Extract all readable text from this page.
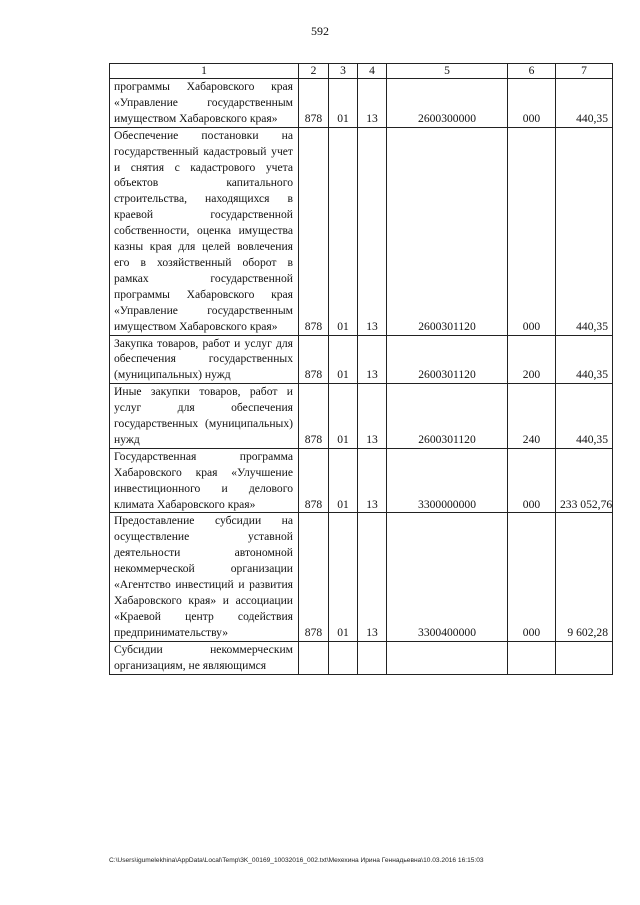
592
1	2	3	4	5	6	7
программы Хабаровского края «Управление государственным имуществом Хабаровского края»	878	01	13	2600300000	000	440,35
Обеспечение постановки на государственный кадастровый учет и снятия с кадастрового учета объектов капитального строительства, находящихся в краевой государственной собственности, оценка имущества казны края для целей вовлечения его в хозяйственный оборот в рамках государственной программы Хабаровского края «Управление государственным имуществом Хабаровского края»	878	01	13	2600301120	000	440,35
Закупка товаров, работ и услуг для обеспечения государственных (муниципальных) нужд	878	01	13	2600301120	200	440,35
Иные закупки товаров, работ и услуг для обеспечения государственных (муниципальных) нужд	878	01	13	2600301120	240	440,35
Государственная программа Хабаровского края «Улучшение инвестиционного и делового климата Хабаровского края»	878	01	13	3300000000	000	233 052,76
Предоставление субсидии на осуществление уставной деятельности автономной некоммерческой организации «Агентство инвестиций и развития Хабаровского края» и ассоциации «Краевой центр содействия предпринимательству»	878	01	13	3300400000	000	9 602,28
Субсидии некоммерческим организациям, не являющимся						
C:\Users\igumelekhina\AppData\Local\Temp\3K_00169_10032016_002.txt\Мехехина Ирина Геннадьевна\10.03.2016 16:15:03
